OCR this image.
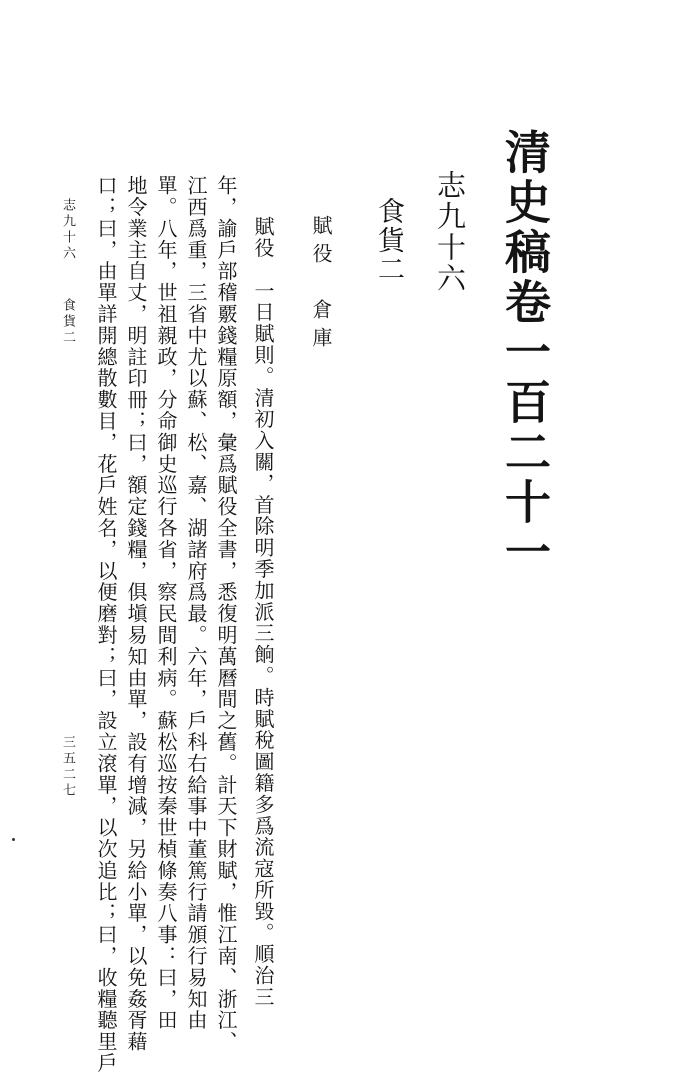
清史稿卷一百二十一
志九十六
食貨二
賦役　倉庫
賦役　一日賦則。清初入關，首除明季加派三餉。時賦稅圖籍多爲流寇所毀。順治三
年，諭戶部稽覈錢糧原額，彙爲賦役全書，悉復明萬曆間之舊。計天下財賦，惟江南、浙江、
江西爲重，三省中尤以蘇、松、嘉、湖諸府爲最。六年，戶科右給事中董篤行請頒行易知由
單。八年，世祖親政，分命御史巡行各省，察民間利病。蘇松巡按秦世楨條奏八事：曰，田
地令業主自丈，明註印冊；曰，額定錢糧，俱塡易知由單，設有增減，另給小單，以免姦胥藉
口；曰，由單詳開總散數目，花戶姓名，以便磨對；曰，設立滾單，以次追比；曰，收糧聽里戶
志九十六
食貨二
三五二七
